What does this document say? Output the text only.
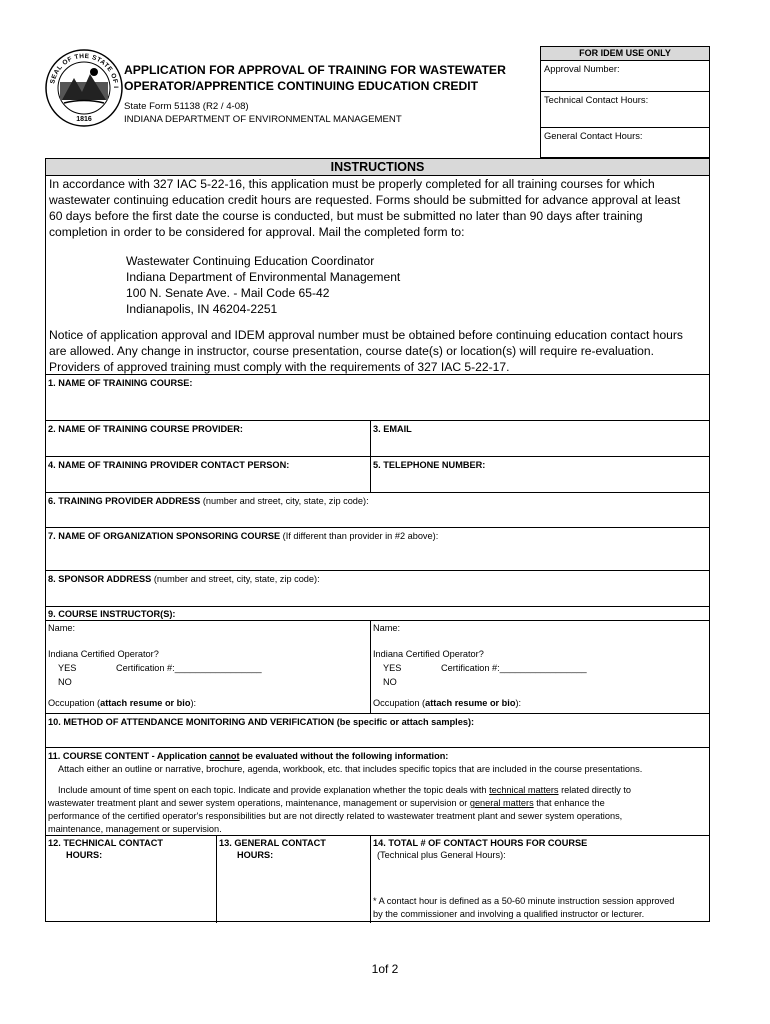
SEAL OF THE STATE OF I
1816
APPLICATION FOR APPROVAL OF TRAINING FOR WASTEWATER
OPERATOR/APPRENTICE CONTINUING EDUCATION CREDIT
State Form 51138 (R2 / 4-08)
INDIANA DEPARTMENT OF ENVIRONMENTAL MANAGEMENT
FOR IDEM USE ONLY
Approval Number:
Technical Contact Hours:
General Contact Hours:
INSTRUCTIONS
In accordance with 327 IAC 5-22-16, this application must be properly completed for all training courses for which
wastewater continuing education credit hours are requested. Forms should be submitted for advance approval at least
60 days before the first date the course is conducted, but must be submitted no later than 90 days after training
completion in order to be considered for approval. Mail the completed form to:
Wastewater Continuing Education Coordinator
Indiana Department of Environmental Management
100 N. Senate Ave. - Mail Code 65-42
Indianapolis, IN 46204-2251
Notice of application approval and IDEM approval number must be obtained before continuing education contact hours
are allowed. Any change in instructor, course presentation, course date(s) or location(s) will require re-evaluation.
Providers of approved training must comply with the requirements of 327 IAC 5-22-17.
1. NAME OF TRAINING COURSE:
2. NAME OF TRAINING COURSE PROVIDER:	3. EMAIL
4. NAME OF TRAINING PROVIDER CONTACT PERSON:	5. TELEPHONE NUMBER:
6. TRAINING PROVIDER ADDRESS (number and street, city, state, zip code):
7. NAME OF ORGANIZATION SPONSORING COURSE (If different than provider in #2 above):
8. SPONSOR ADDRESS (number and street, city, state, zip code):
9. COURSE INSTRUCTOR(S):
Name:
Indiana Certified Operator?
YES	Certification #:_________________
NO
Occupation (attach resume or bio):
Name:
Indiana Certified Operator?
YES	Certification #:_________________
NO
Occupation (attach resume or bio):
10. METHOD OF ATTENDANCE MONITORING AND VERIFICATION (be specific or attach samples):
11. COURSE CONTENT - Application cannot be evaluated without the following information:
Attach either an outline or narrative, brochure, agenda, workbook, etc. that includes specific topics that are included in the course presentations.
Include amount of time spent on each topic. Indicate and provide explanation whether the topic deals with technical matters related directly to
wastewater treatment plant and sewer system operations, maintenance, management or supervision or general matters that enhance the
performance of the certified operator's responsibilities but are not directly related to wastewater treatment plant and sewer system operations,
maintenance, management or supervision.
12. TECHNICAL CONTACT
HOURS:
13. GENERAL CONTACT
HOURS:
14. TOTAL # OF CONTACT HOURS FOR COURSE
(Technical plus General Hours):
* A contact hour is defined as a 50-60 minute instruction session approved
by the commissioner and involving a qualified instructor or lecturer.
1of 2
